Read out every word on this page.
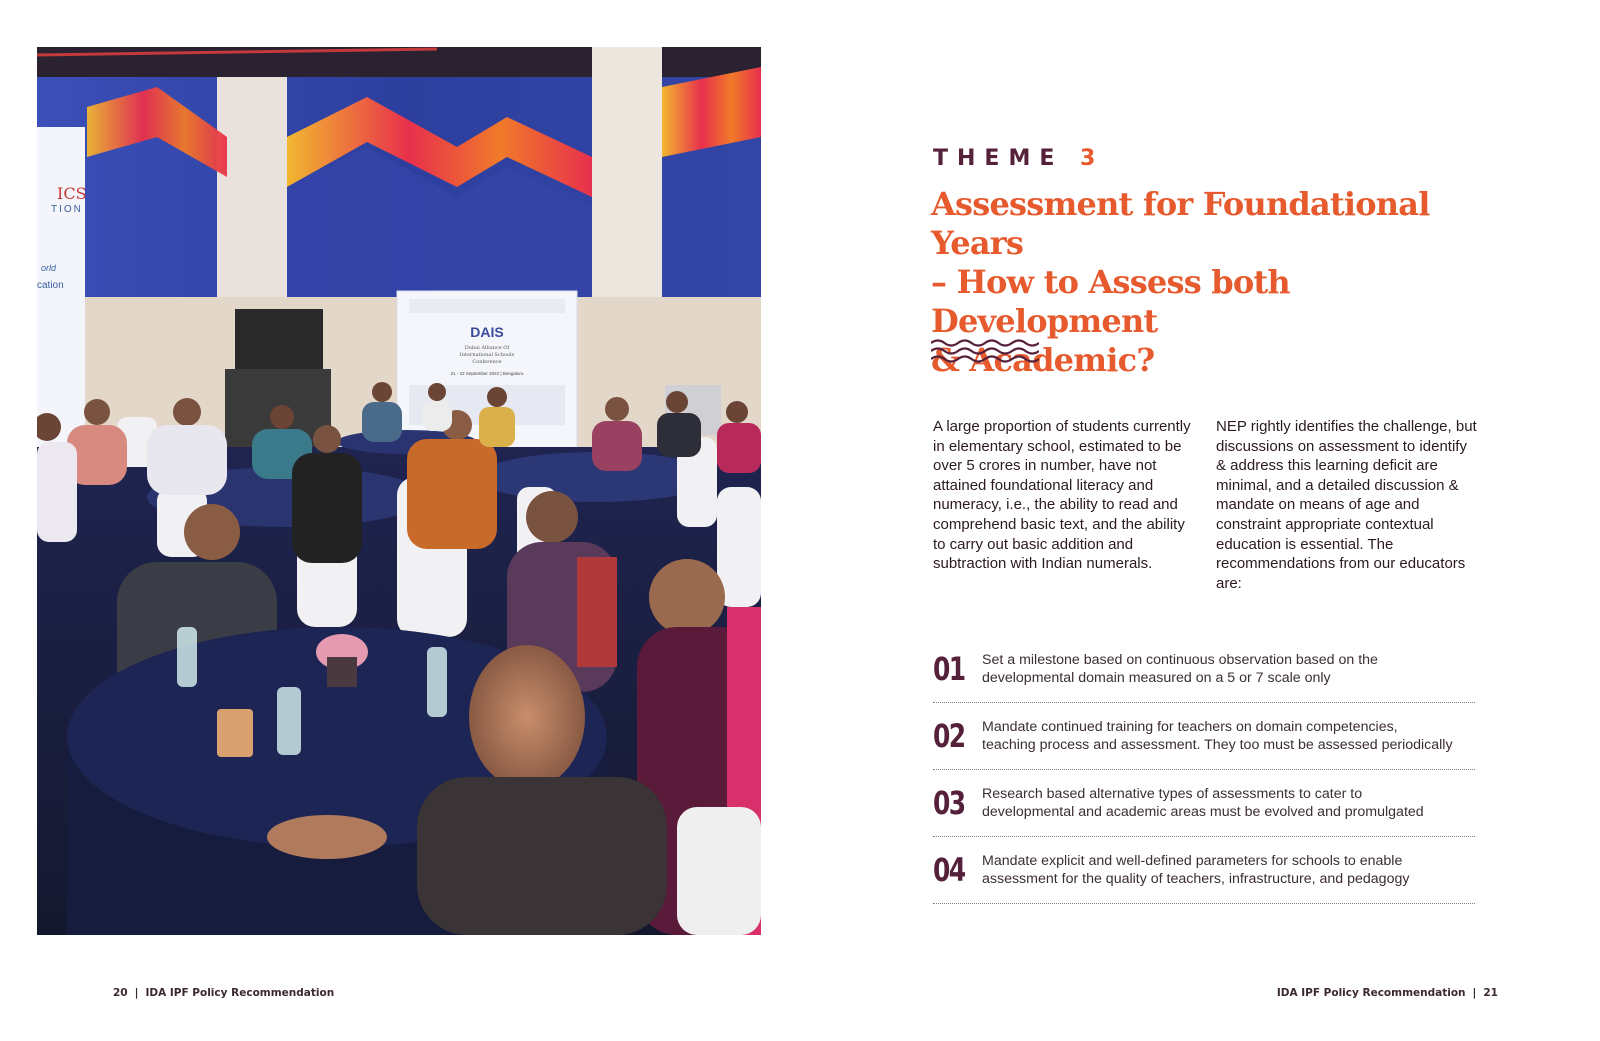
ICS
TION
orld
cation
DAIS
Dubai Alliance Of
International Schools
Conference
21 - 22 September 2022 | Bengaluru
THEME 3
Assessment for Foundational Years
– How to Assess both Development
& Academic?

A large proportion of students currently in elementary school, estimated to be over 5 crores in number, have not attained foundational literacy and numeracy, i.e., the ability to read and comprehend basic text, and the ability to carry out basic addition and subtraction with Indian numerals.

NEP rightly identifies the challenge, but discussions on assessment to identify & address this learning deficit are minimal, and a detailed discussion & mandate on means of age and constraint appropriate contextual education is essential. The recommendations from our educators are:

01 Set a milestone based on continuous observation based on the
developmental domain measured on a 5 or 7 scale only
02 Mandate continued training for teachers on domain competencies,
teaching process and assessment. They too must be assessed periodically
03 Research based alternative types of assessments to cater to
developmental and academic areas must be evolved and promulgated
04 Mandate explicit and well-defined parameters for schools to enable
assessment for the quality of teachers, infrastructure, and pedagogy
20 | IDA IPF Policy Recommendation	IDA IPF Policy Recommendation | 21
